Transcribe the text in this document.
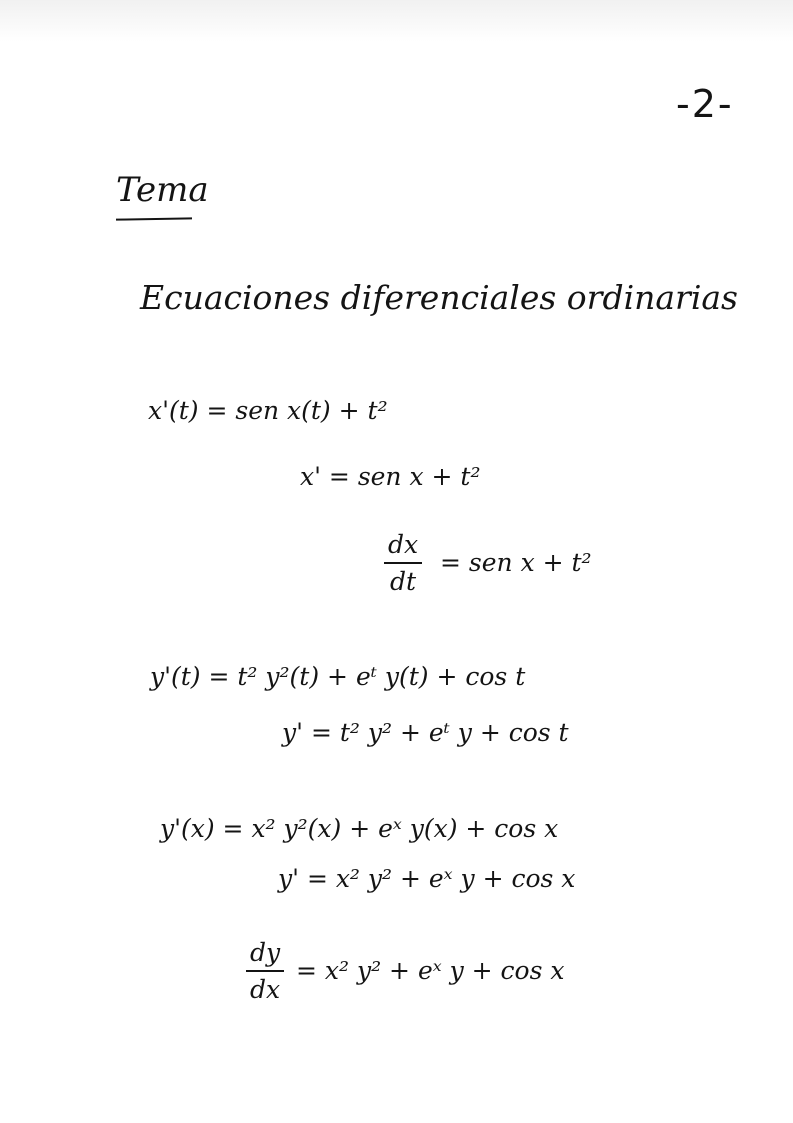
-2-
Tema
Ecuaciones diferenciales ordinarias
x'(t) = sen x(t) + t²
x' = sen x + t²
dx
dt
= sen x + t²
y'(t) = t² y²(t) + eᵗ y(t) + cos t
y' = t² y² + eᵗ y + cos t
y'(x) = x² y²(x) + eˣ y(x) + cos x
y' = x² y² + eˣ y + cos x
dy
dx
= x² y² + eˣ y + cos x
